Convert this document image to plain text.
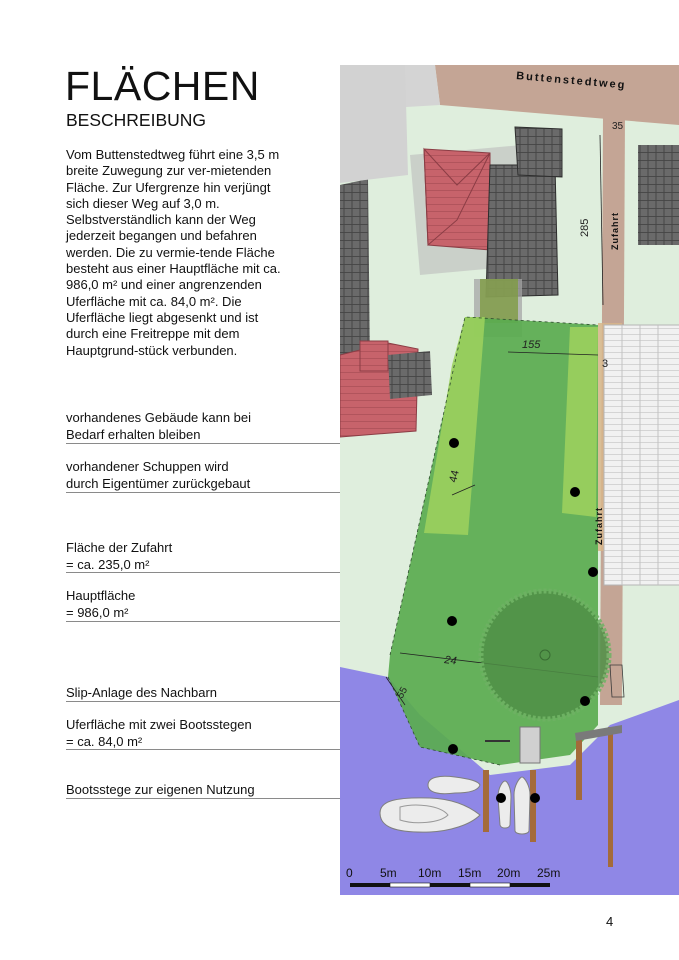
FLÄCHEN
BESCHREIBUNG
Vom Buttenstedtweg führt eine 3,5 m breite Zuwegung zur ver-mietenden Fläche. Zur Ufergrenze hin verjüngt sich dieser Weg auf 3,0 m. Selbstverständlich kann der Weg jederzeit begangen und befahren werden. Die zu vermie-tende Fläche besteht aus einer Hauptfläche mit ca. 986,0 m² und einer angrenzenden Uferfläche mit ca. 84,0 m². Die Uferfläche liegt abgesenkt und ist durch eine Freitreppe mit dem Hauptgrund-stück verbunden.
vorhandenes Gebäude kann bei
Bedarf erhalten bleiben
vorhandener Schuppen wird
durch Eigentümer zurückgebaut
Fläche der Zufahrt
= ca. 235,0 m²
Hauptfläche
= 986,0 m²
Slip-Anlage des Nachbarn
Uferfläche mit zwei Bootsstegen
= ca. 84,0 m²
Bootsstege zur eigenen Nutzung
Buttenstedtweg
Zufahrt
Zufahrt
35
285
155
3
44
24
55
0 5m 10m 15m 20m 25m
4
